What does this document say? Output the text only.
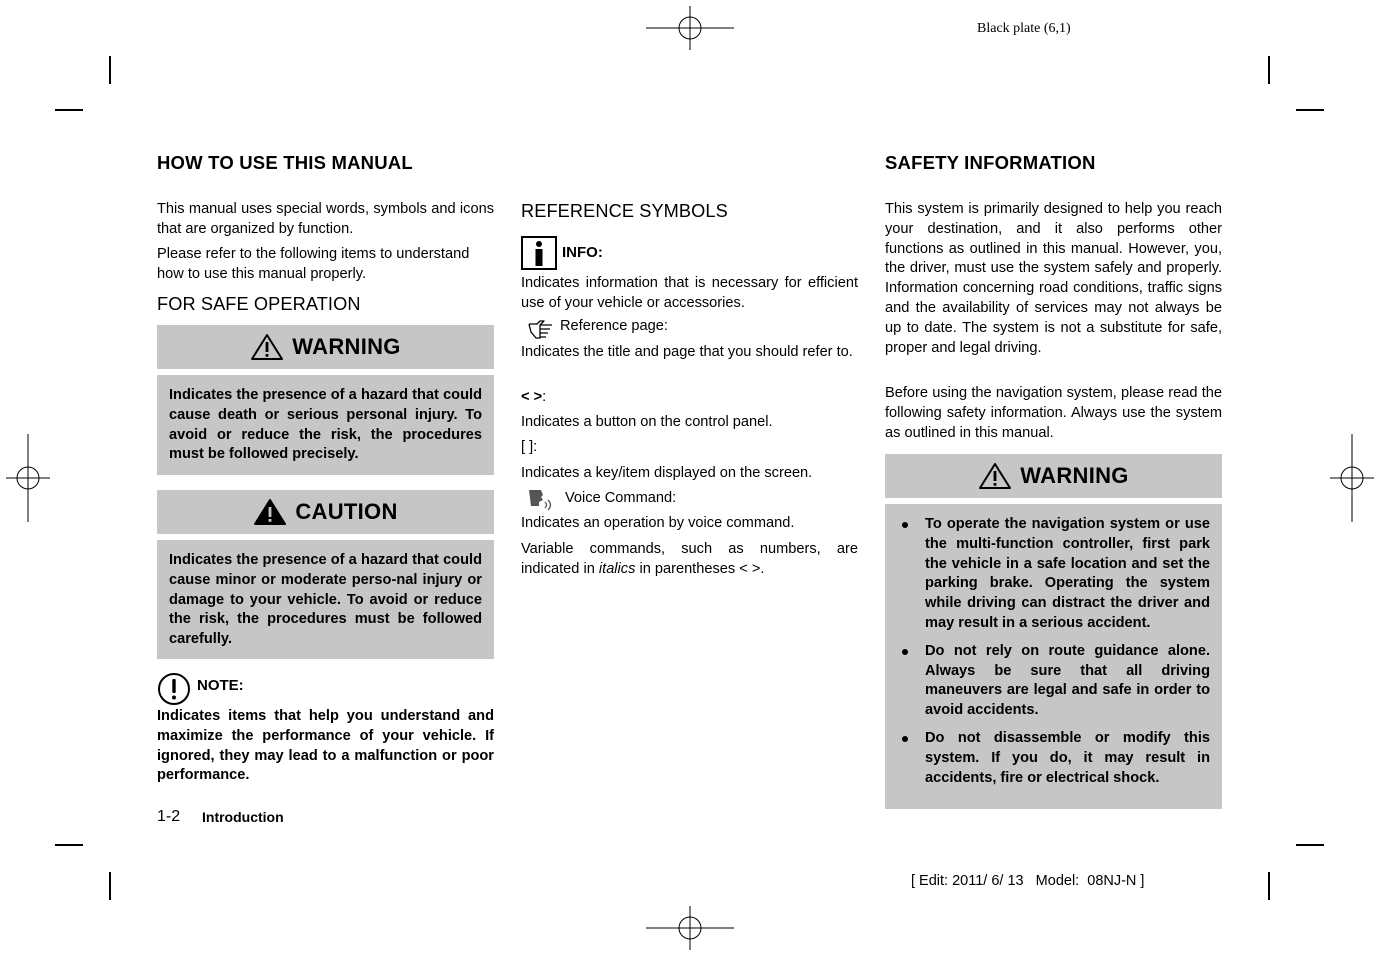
Black plate (6,1)
[ Edit: 2011/ 6/ 13   Model:  08NJ-N ]
HOW TO USE THIS MANUAL
This manual uses special words, symbols and icons that are organized by function.
Please refer to the following items to understand how to use this manual properly.
FOR SAFE OPERATION
WARNING
Indicates the presence of a hazard that could cause death or serious personal injury. To avoid or reduce the risk, the procedures must be followed precisely.
CAUTION
Indicates the presence of a hazard that could cause minor or moderate perso-nal injury or damage to your vehicle. To avoid or reduce the risk, the procedures must be followed carefully.
NOTE:
Indicates items that help you understand and maximize the performance of your vehicle. If ignored, they may lead to a malfunction or poor performance.
1-2 Introduction
REFERENCE SYMBOLS
INFO:
Indicates information that is necessary for efficient use of your vehicle or accessories.
Reference page:
Indicates the title and page that you should refer to.
< >:
Indicates a button on the control panel.
[ ]:
Indicates a key/item displayed on the screen.
Voice Command:
Indicates an operation by voice command.
Variable commands, such as numbers, are indicated in italics in parentheses < >.
SAFETY INFORMATION
This system is primarily designed to help you reach your destination, and it also performs other functions as outlined in this manual. However, you, the driver, must use the system safely and properly. Information concerning road conditions, traffic signs and the availability of services may not always be up to date. The system is not a substitute for safe, proper and legal driving.
Before using the navigation system, please read the following safety information. Always use the system as outlined in this manual.
WARNING
To operate the navigation system or use the multi-function controller, first park the vehicle in a safe location and set the parking brake. Operating the system while driving can distract the driver and may result in a serious accident.
Do not rely on route guidance alone. Always be sure that all driving maneuvers are legal and safe in order to avoid accidents.
Do not disassemble or modify this system. If you do, it may result in accidents, fire or electrical shock.
